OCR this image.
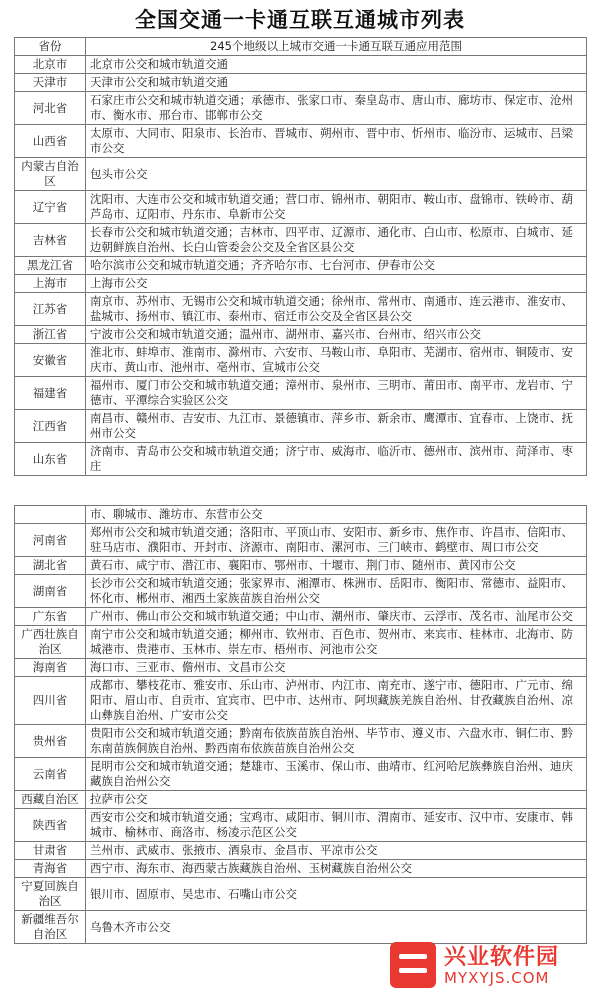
全国交通一卡通互联互通城市列表
省份	245个地级以上城市交通一卡通互联互通应用范围
北京市	北京市公交和城市轨道交通
天津市	天津市公交和城市轨道交通
河北省	石家庄市公交和城市轨道交通；承德市、张家口市、秦皇岛市、唐山市、廊坊市、保定市、沧州市、衡水市、邢台市、邯郸市公交
山西省	太原市、大同市、阳泉市、长治市、晋城市、朔州市、晋中市、忻州市、临汾市、运城市、吕梁市公交
内蒙古自治区	包头市公交
辽宁省	沈阳市、大连市公交和城市轨道交通；营口市、锦州市、朝阳市、鞍山市、盘锦市、铁岭市、葫芦岛市、辽阳市、丹东市、阜新市公交
吉林省	长春市公交和城市轨道交通；吉林市、四平市、辽源市、通化市、白山市、松原市、白城市、延边朝鲜族自治州、长白山管委会公交及全省区县公交
黑龙江省	哈尔滨市公交和城市轨道交通；齐齐哈尔市、七台河市、伊春市公交
上海市	上海市公交
江苏省	南京市、苏州市、无锡市公交和城市轨道交通；徐州市、常州市、南通市、连云港市、淮安市、盐城市、扬州市、镇江市、泰州市、宿迁市公交及全省区县公交
浙江省	宁波市公交和城市轨道交通；温州市、湖州市、嘉兴市、台州市、绍兴市公交
安徽省	淮北市、蚌埠市、淮南市、滁州市、六安市、马鞍山市、阜阳市、芜湖市、宿州市、铜陵市、安庆市、黄山市、池州市、亳州市、宣城市公交
福建省	福州市、厦门市公交和城市轨道交通；漳州市、泉州市、三明市、莆田市、南平市、龙岩市、宁德市、平潭综合实验区公交
江西省	南昌市、赣州市、吉安市、九江市、景德镇市、萍乡市、新余市、鹰潭市、宜春市、上饶市、抚州市公交
山东省	济南市、青岛市公交和城市轨道交通；济宁市、威海市、临沂市、德州市、滨州市、菏泽市、枣庄
	市、聊城市、潍坊市、东营市公交
河南省	郑州市公交和城市轨道交通；洛阳市、平顶山市、安阳市、新乡市、焦作市、许昌市、信阳市、驻马店市、濮阳市、开封市、济源市、南阳市、漯河市、三门峡市、鹤壁市、周口市公交
湖北省	黄石市、咸宁市、潜江市、襄阳市、鄂州市、十堰市、荆门市、随州市、黄冈市公交
湖南省	长沙市公交和城市轨道交通；张家界市、湘潭市、株洲市、岳阳市、衡阳市、常德市、益阳市、怀化市、郴州市、湘西土家族苗族自治州公交
广东省	广州市、佛山市公交和城市轨道交通；中山市、潮州市、肇庆市、云浮市、茂名市、汕尾市公交
广西壮族自治区	南宁市公交和城市轨道交通；柳州市、钦州市、百色市、贺州市、来宾市、桂林市、北海市、防城港市、贵港市、玉林市、崇左市、梧州市、河池市公交
海南省	海口市、三亚市、儋州市、文昌市公交
四川省	成都市、攀枝花市、雅安市、乐山市、泸州市、内江市、南充市、遂宁市、德阳市、广元市、绵阳市、眉山市、自贡市、宜宾市、巴中市、达州市、阿坝藏族羌族自治州、甘孜藏族自治州、凉山彝族自治州、广安市公交
贵州省	贵阳市公交和城市轨道交通；黔南布依族苗族自治州、毕节市、遵义市、六盘水市、铜仁市、黔东南苗族侗族自治州、黔西南布依族苗族自治州公交
云南省	昆明市公交和城市轨道交通；楚雄市、玉溪市、保山市、曲靖市、红河哈尼族彝族自治州、迪庆藏族自治州公交
西藏自治区	拉萨市公交
陕西省	西安市公交和城市轨道交通；宝鸡市、咸阳市、铜川市、渭南市、延安市、汉中市、安康市、韩城市、榆林市、商洛市、杨凌示范区公交
甘肃省	兰州市、武威市、张掖市、酒泉市、金昌市、平凉市公交
青海省	西宁市、海东市、海西蒙古族藏族自治州、玉树藏族自治州公交
宁夏回族自治区	银川市、固原市、吴忠市、石嘴山市公交
新疆维吾尔自治区	乌鲁木齐市公交
兴业软件园
MYXYJS.COM
